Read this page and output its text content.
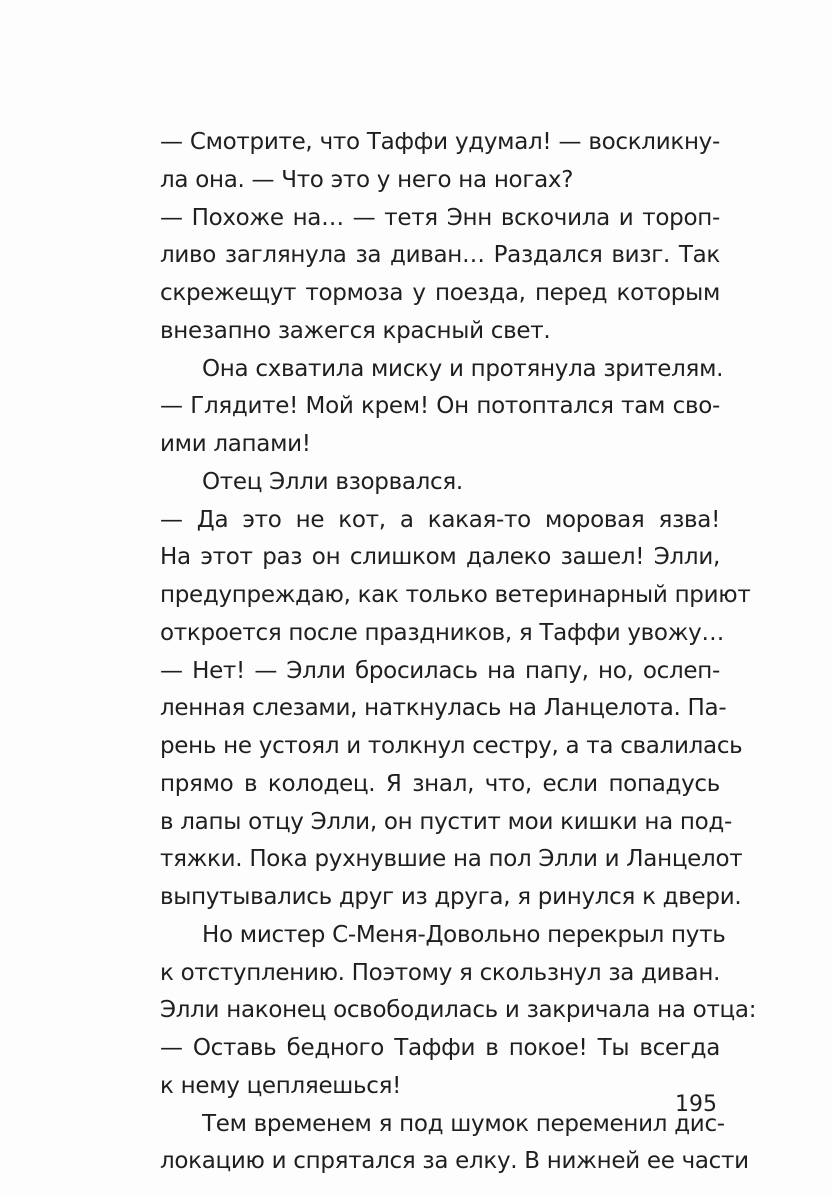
— Смотрите, что Таффи удумал! — воскликну-
ла она. — Что это у него на ногах?
— Похоже на… — тетя Энн вскочила и тороп-
ливо заглянула за диван… Раздался визг. Так
скрежещут тормоза у поезда, перед которым
внезапно зажегся красный свет.
Она схватила миску и протянула зрителям.
— Глядите! Мой крем! Он потоптался там сво-
ими лапами!
Отец Элли взорвался.
— Да это не кот, а какая-то моровая язва!
На этот раз он слишком далеко зашел! Элли,
предупреждаю, как только ветеринарный приют
откроется после праздников, я Таффи увожу…
— Нет! — Элли бросилась на папу, но, ослеп-
ленная слезами, наткнулась на Ланцелота. Па-
рень не устоял и толкнул сестру, а та свалилась
прямо в колодец. Я знал, что, если попадусь
в лапы отцу Элли, он пустит мои кишки на под-
тяжки. Пока рухнувшие на пол Элли и Ланцелот
выпутывались друг из друга, я ринулся к двери.
Но мистер С-Меня-Довольно перекрыл путь
к отступлению. Поэтому я скользнул за диван.
Элли наконец освободилась и закричала на отца:
— Оставь бедного Таффи в покое! Ты всегда
к нему цепляешься!
Тем временем я под шумок переменил дис-
локацию и спрятался за елку. В нижней ее части
195
